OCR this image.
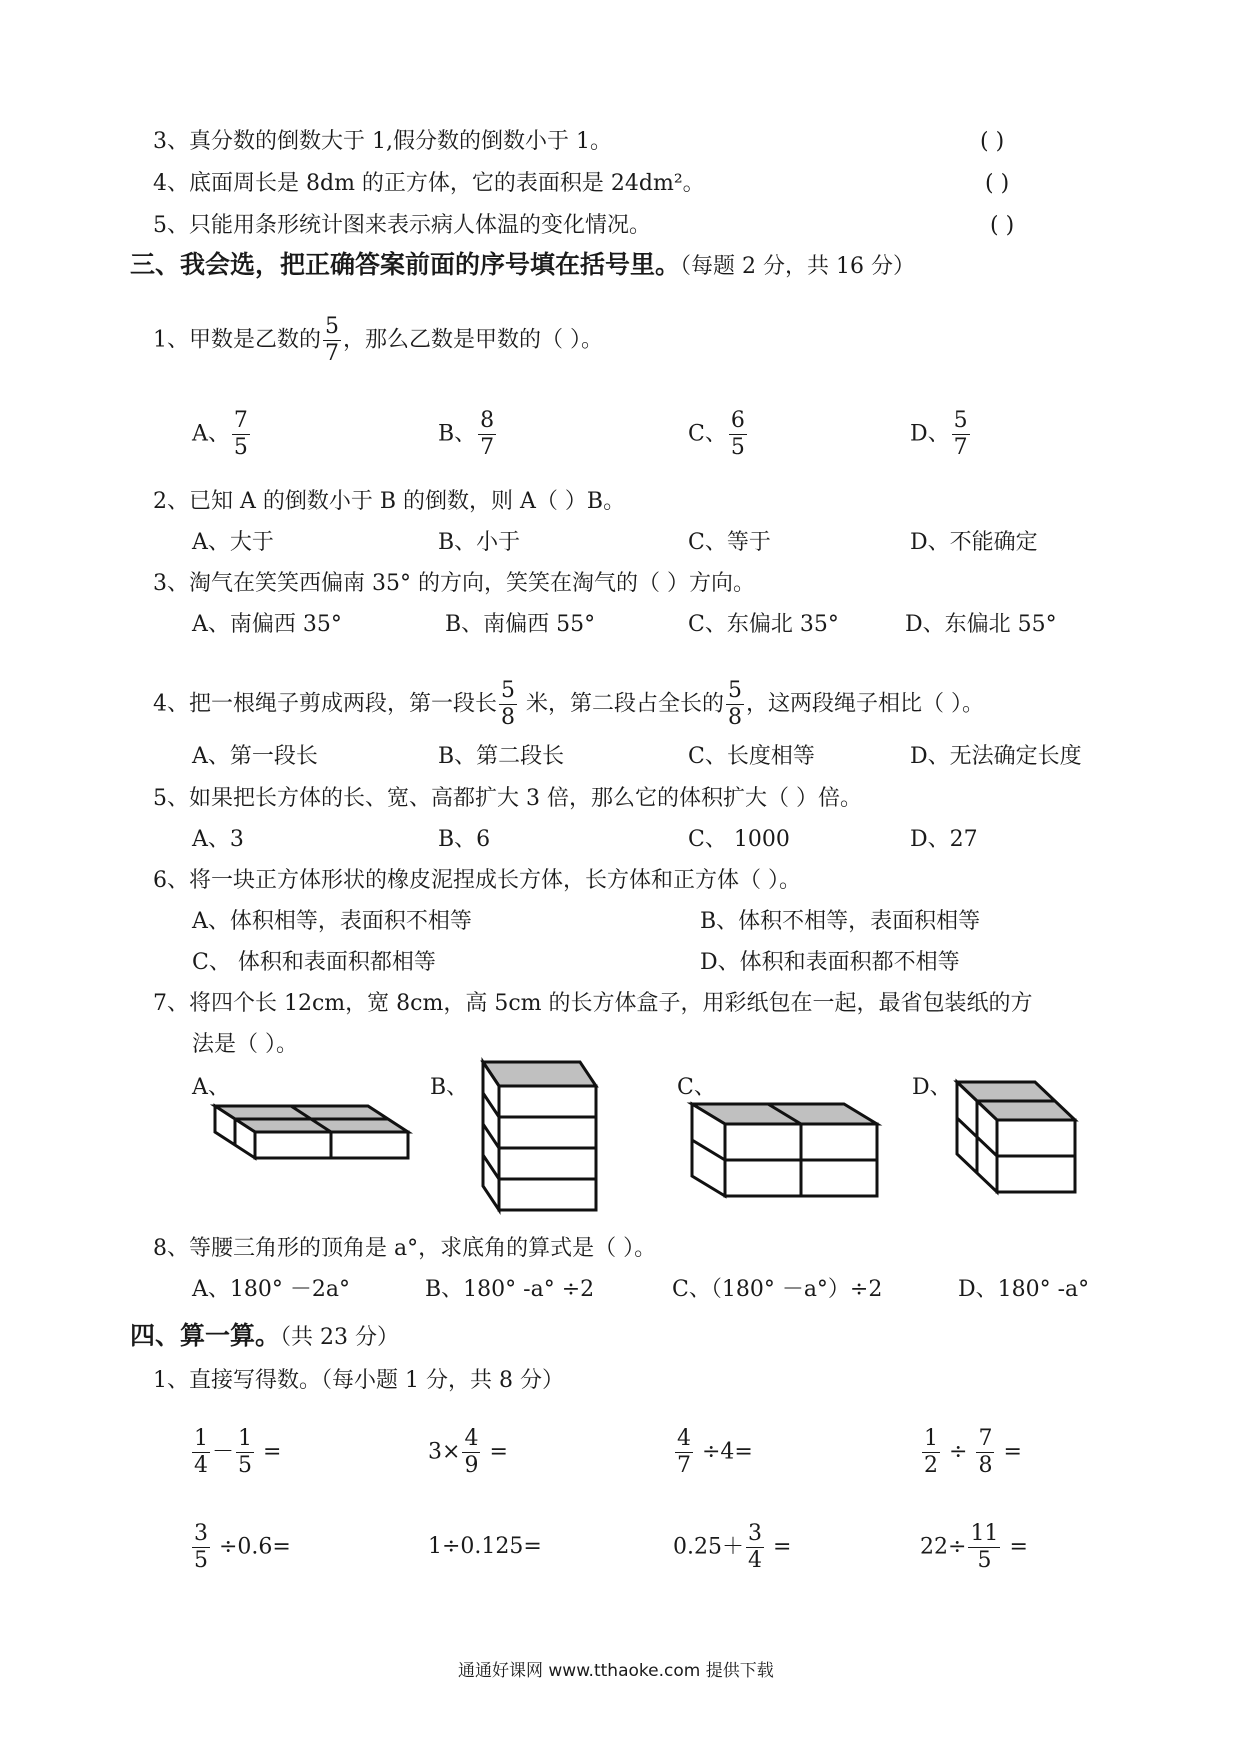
3、真分数的倒数大于 1,假分数的倒数小于 1。	( )
4、底面周长是 8dm 的正方体，它的表面积是 24dm²。	( )
5、只能用条形统计图来表示病人体温的变化情况。	( )
三、我会选，把正确答案前面的序号填在括号里。（每题 2 分，共 16 分）
1、甲数是乙数的 $\frac{5}{7}$ ，那么乙数是甲数的（ ）。
A、 $\frac{7}{5}$	B、 $\frac{8}{7}$	C、 $\frac{6}{5}$	D、 $\frac{5}{7}$
2、已知 A 的倒数小于 B 的倒数，则 A（ ）B。
A、大于	B、小于	C、等于	D、不能确定
3、淘气在笑笑西偏南 35° 的方向，笑笑在淘气的（ ）方向。
A、南偏西 35°	B、南偏西 55°	C、东偏北 35°	D、东偏北 55°
4、把一根绳子剪成两段，第一段长 $\frac{5}{8}$ 米，第二段占全长的 $\frac{5}{8}$ ，这两段绳子相比（ ）。
A、第一段长	B、第二段长	C、长度相等	D、无法确定长度
5、如果把长方体的长、宽、高都扩大 3 倍，那么它的体积扩大（ ）倍。
A、3	B、6	C、 1000	D、27
6、将一块正方体形状的橡皮泥捏成长方体，长方体和正方体（ ）。
A、体积相等，表面积不相等	B、体积不相等，表面积相等
C、 体积和表面积都相等	D、体积和表面积都不相等
7、将四个长 12cm，宽 8cm，高 5cm 的长方体盒子，用彩纸包在一起，最省包装纸的方
法是（ ）。
A、	B、	C、	D、
8、等腰三角形的顶角是 a°，求底角的算式是（ ）。
A、180° －2a°	B、180° -a° ÷2	C、（180° －a°）÷2	D、180° -a°
四、算一算。（共 23 分）
1、直接写得数。（每小题 1 分，共 8 分）
$\frac{1}{4} - \frac{1}{5}$ =	$3\times \frac{4}{9}$ =	$\frac{4}{7} \div 4=$	$\frac{1}{2} \div \frac{7}{8}$ =
$\frac{3}{5} \div 0.6=$	1÷0.125=	$0.25+ \frac{3}{4}$ =	$22\div \frac{11}{5}$ =
通通好课网 www.tthaoke.com 提供下载
